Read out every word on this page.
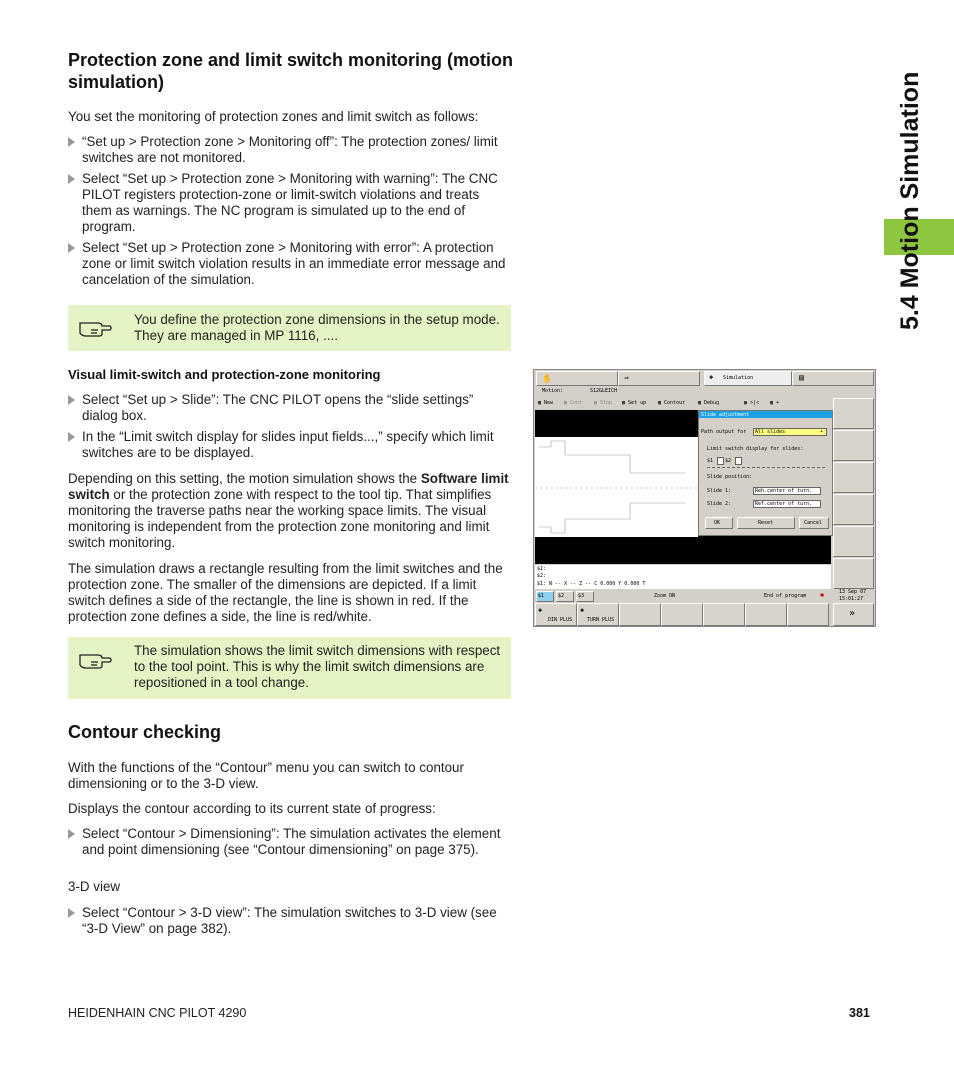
5.4 Motion Simulation
Protection zone and limit switch monitoring (motion simulation)
You set the monitoring of protection zones and limit switch as follows:
“Set up > Protection zone > Monitoring off”: The protection zones/ limit switches are not monitored.
Select “Set up > Protection zone > Monitoring with warning”: The CNC PILOT registers protection-zone or limit-switch violations and treats them as warnings. The NC program is simulated up to the end of program.
Select “Set up > Protection zone > Monitoring with error”: A protection zone or limit switch violation results in an immediate error message and cancelation of the simulation.
You define the protection zone dimensions in the setup mode. They are managed in MP 1116, ....
Visual limit-switch and protection-zone monitoring
Select “Set up > Slide”: The CNC PILOT opens the “slide settings” dialog box.
In the “Limit switch display for slides input fields...,” specify which limit switches are to be displayed.
Depending on this setting, the motion simulation shows the Software limit switch or the protection zone with respect to the tool tip. That simplifies monitoring the traverse paths near the working space limits. The visual monitoring is independent from the protection zone monitoring and limit switch monitoring.
The simulation draws a rectangle resulting from the limit switches and the protection zone. The smaller of the dimensions are depicted. If a limit switch defines a side of the rectangle, the line is shown in red. If the protection zone defines a side, the line is red/white.
The simulation shows the limit switch dimensions with respect to the tool point. This is why the limit switch dimensions are repositioned in a tool change.
Contour checking
With the functions of the “Contour” menu you can switch to contour dimensioning or to the 3-D view.
Displays the contour according to its current state of progress:
Select “Contour > Dimensioning”: The simulation activates the element and point dimensioning (see “Contour dimensioning” on page 375).
3-D view
Select “Contour > 3-D view”: The simulation switches to 3-D view (see “3-D View” on page 382).
✋	⇒	◈ Simulation	▤
Motion:	S12GLEICH
▦ New ▦ Cont ▦ Stop ▦ Set up ▦ Contour	▦ Debug	▦ >|< ▦ +
Slide adjustment
Path output for All slides	▾
Limit switch display for slides:
$1 $2
Slide position:
Slide 1:	Reh.center of turn.
Slide 2:	Ref.center of turn.
OK	Reset	Cancel
$1:
$2:
$1: N -- X -- Z -- C 0.000 Y 0.000 T
$1	$2	$3	Zoom ON	End of program ✱	13 Sep 07
15:01:27
◈
DIN PLUS
◈
TURN PLUS
»
HEIDENHAIN CNC PILOT 4290	381
